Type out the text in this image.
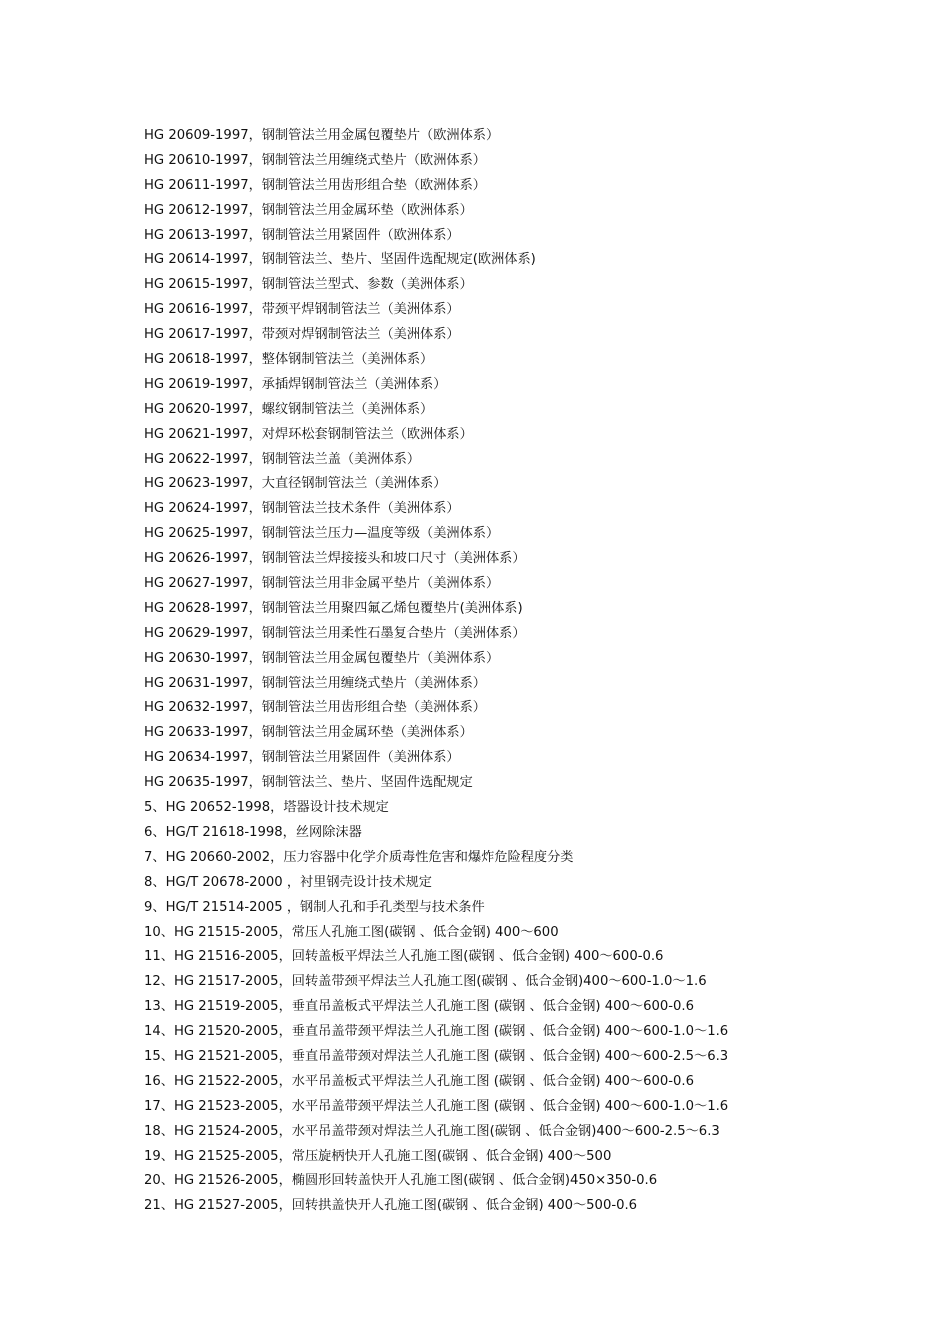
HG 20609-1997，钢制管法兰用金属包覆垫片（欧洲体系）
HG 20610-1997，钢制管法兰用缠绕式垫片（欧洲体系）
HG 20611-1997，钢制管法兰用齿形组合垫（欧洲体系）
HG 20612-1997，钢制管法兰用金属环垫（欧洲体系）
HG 20613-1997，钢制管法兰用紧固件（欧洲体系）
HG 20614-1997，钢制管法兰、垫片、坚固件选配规定(欧洲体系)
HG 20615-1997，钢制管法兰型式、参数（美洲体系）
HG 20616-1997，带颈平焊钢制管法兰（美洲体系）
HG 20617-1997，带颈对焊钢制管法兰（美洲体系）
HG 20618-1997，整体钢制管法兰（美洲体系）
HG 20619-1997，承插焊钢制管法兰（美洲体系）
HG 20620-1997，螺纹钢制管法兰（美洲体系）
HG 20621-1997，对焊环松套钢制管法兰（欧洲体系）
HG 20622-1997，钢制管法兰盖（美洲体系）
HG 20623-1997，大直径钢制管法兰（美洲体系）
HG 20624-1997，钢制管法兰技术条件（美洲体系）
HG 20625-1997，钢制管法兰压力—温度等级（美洲体系）
HG 20626-1997，钢制管法兰焊接接头和坡口尺寸（美洲体系）
HG 20627-1997，钢制管法兰用非金属平垫片（美洲体系）
HG 20628-1997，钢制管法兰用聚四氟乙烯包覆垫片(美洲体系)
HG 20629-1997，钢制管法兰用柔性石墨复合垫片（美洲体系）
HG 20630-1997，钢制管法兰用金属包覆垫片（美洲体系）
HG 20631-1997，钢制管法兰用缠绕式垫片（美洲体系）
HG 20632-1997，钢制管法兰用齿形组合垫（美洲体系）
HG 20633-1997，钢制管法兰用金属环垫（美洲体系）
HG 20634-1997，钢制管法兰用紧固件（美洲体系）
HG 20635-1997，钢制管法兰、垫片、坚固件选配规定
5、HG 20652-1998，塔器设计技术规定
6、HG/T 21618-1998，丝网除沫器
7、HG 20660-2002，压力容器中化学介质毒性危害和爆炸危险程度分类
8、HG/T 20678-2000 ，衬里钢壳设计技术规定
9、HG/T 21514-2005 ，钢制人孔和手孔类型与技术条件
10、HG 21515-2005，常压人孔施工图(碳钢 、低合金钢) 400～600
11、HG 21516-2005，回转盖板平焊法兰人孔施工图(碳钢 、低合金钢) 400～600-0.6
12、HG 21517-2005，回转盖带颈平焊法兰人孔施工图(碳钢 、低合金钢)400～600-1.0～1.6
13、HG 21519-2005，垂直吊盖板式平焊法兰人孔施工图 (碳钢 、低合金钢) 400～600-0.6
14、HG 21520-2005，垂直吊盖带颈平焊法兰人孔施工图 (碳钢 、低合金钢) 400～600-1.0～1.6
15、HG 21521-2005，垂直吊盖带颈对焊法兰人孔施工图 (碳钢 、低合金钢) 400～600-2.5～6.3
16、HG 21522-2005，水平吊盖板式平焊法兰人孔施工图 (碳钢 、低合金钢) 400～600-0.6
17、HG 21523-2005，水平吊盖带颈平焊法兰人孔施工图 (碳钢 、低合金钢) 400～600-1.0～1.6
18、HG 21524-2005，水平吊盖带颈对焊法兰人孔施工图(碳钢 、低合金钢)400～600-2.5～6.3
19、HG 21525-2005，常压旋柄快开人孔施工图(碳钢 、低合金钢) 400～500
20、HG 21526-2005，椭圆形回转盖快开人孔施工图(碳钢 、低合金钢)450×350-0.6
21、HG 21527-2005，回转拱盖快开人孔施工图(碳钢 、低合金钢) 400～500-0.6
